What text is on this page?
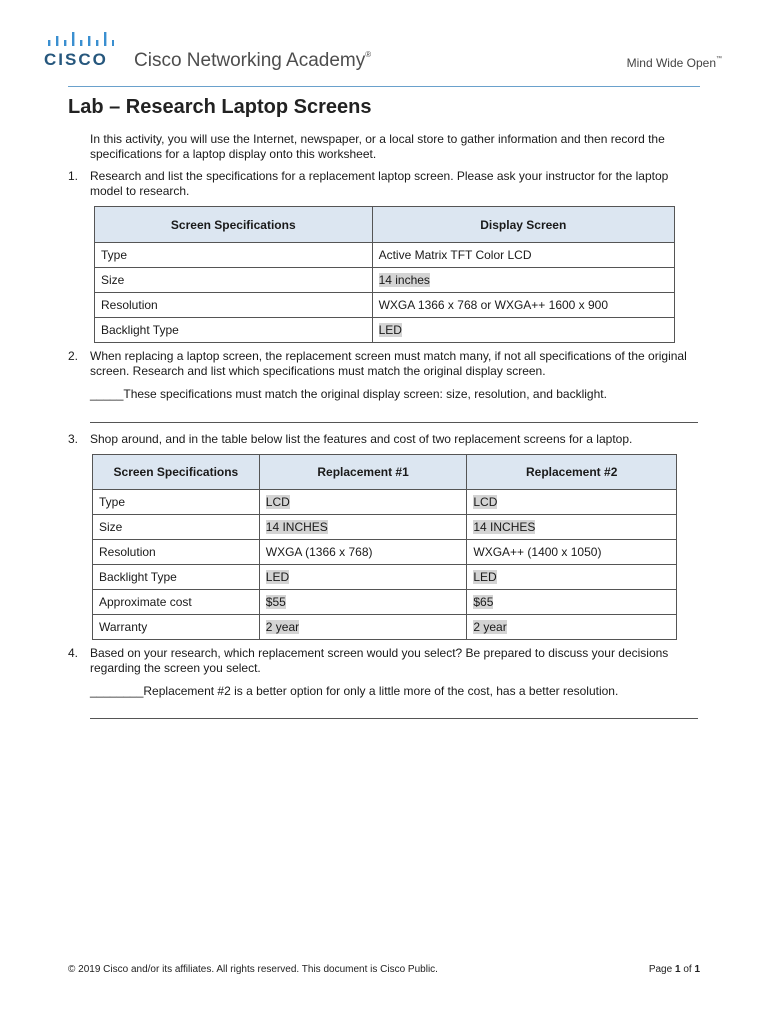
CISCO Cisco Networking Academy®
Mind Wide Open™
Lab – Research Laptop Screens
In this activity, you will use the Internet, newspaper, or a local store to gather information and then record the specifications for a laptop display onto this worksheet.
1. Research and list the specifications for a replacement laptop screen. Please ask your instructor for the laptop model to research.
Screen Specifications	Display Screen
Type	Active Matrix TFT Color LCD
Size	14 inches
Resolution	WXGA 1366 x 768 or WXGA++ 1600 x 900
Backlight Type	LED
2. When replacing a laptop screen, the replacement screen must match many, if not all specifications of the original screen. Research and list which specifications must match the original display screen.
_____These specifications must match the original display screen: size, resolution, and backlight.
3. Shop around, and in the table below list the features and cost of two replacement screens for a laptop.
Screen Specifications	Replacement #1	Replacement #2
Type	LCD	LCD
Size	14 INCHES	14 INCHES
Resolution	WXGA (1366 x 768)	WXGA++ (1400 x 1050)
Backlight Type	LED	LED
Approximate cost	$55	$65
Warranty	2 year	2 year
4. Based on your research, which replacement screen would you select? Be prepared to discuss your decisions regarding the screen you select.
________Replacement #2 is a better option for only a little more of the cost, has a better resolution.
© 2019 Cisco and/or its affiliates. All rights reserved. This document is Cisco Public.	Page 1 of 1
